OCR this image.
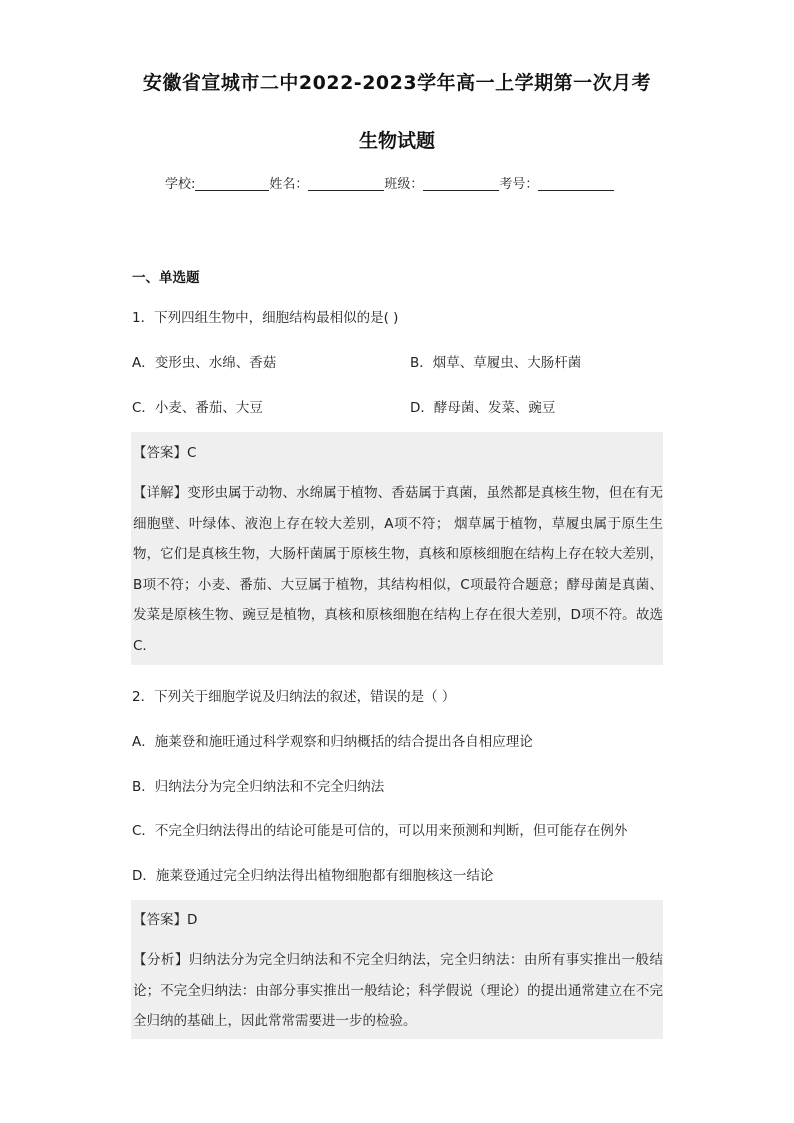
安徽省宣城市二中2022-2023学年高一上学期第一次月考
生物试题
学校:	姓名：	班级：	考号：
一、单选题
1．下列四组生物中，细胞结构最相似的是( )
A．变形虫、水绵、香菇	B．烟草、草履虫、大肠杆菌
C．小麦、番茄、大豆	D．酵母菌、发菜、豌豆
【答案】C
【详解】变形虫属于动物、水绵属于植物、香菇属于真菌，虽然都是真核生物，但在有无细胞壁、叶绿体、液泡上存在较大差别，A项不符； 烟草属于植物，草履虫属于原生生物，它们是真核生物，大肠杆菌属于原核生物，真核和原核细胞在结构上存在较大差别，B项不符；小麦、番茄、大豆属于植物，其结构相似，C项最符合题意；酵母菌是真菌、发菜是原核生物、豌豆是植物，真核和原核细胞在结构上存在很大差别，D项不符。故选C.
2．下列关于细胞学说及归纳法的叙述，错误的是（ ）
A．施莱登和施旺通过科学观察和归纳概括的结合提出各自相应理论
B．归纳法分为完全归纳法和不完全归纳法
C．不完全归纳法得出的结论可能是可信的，可以用来预测和判断，但可能存在例外
D．施莱登通过完全归纳法得出植物细胞都有细胞核这一结论
【答案】D
【分析】归纳法分为完全归纳法和不完全归纳法，完全归纳法：由所有事实推出一般结论；不完全归纳法：由部分事实推出一般结论；科学假说（理论）的提出通常建立在不完全归纳的基础上，因此常常需要进一步的检验。
